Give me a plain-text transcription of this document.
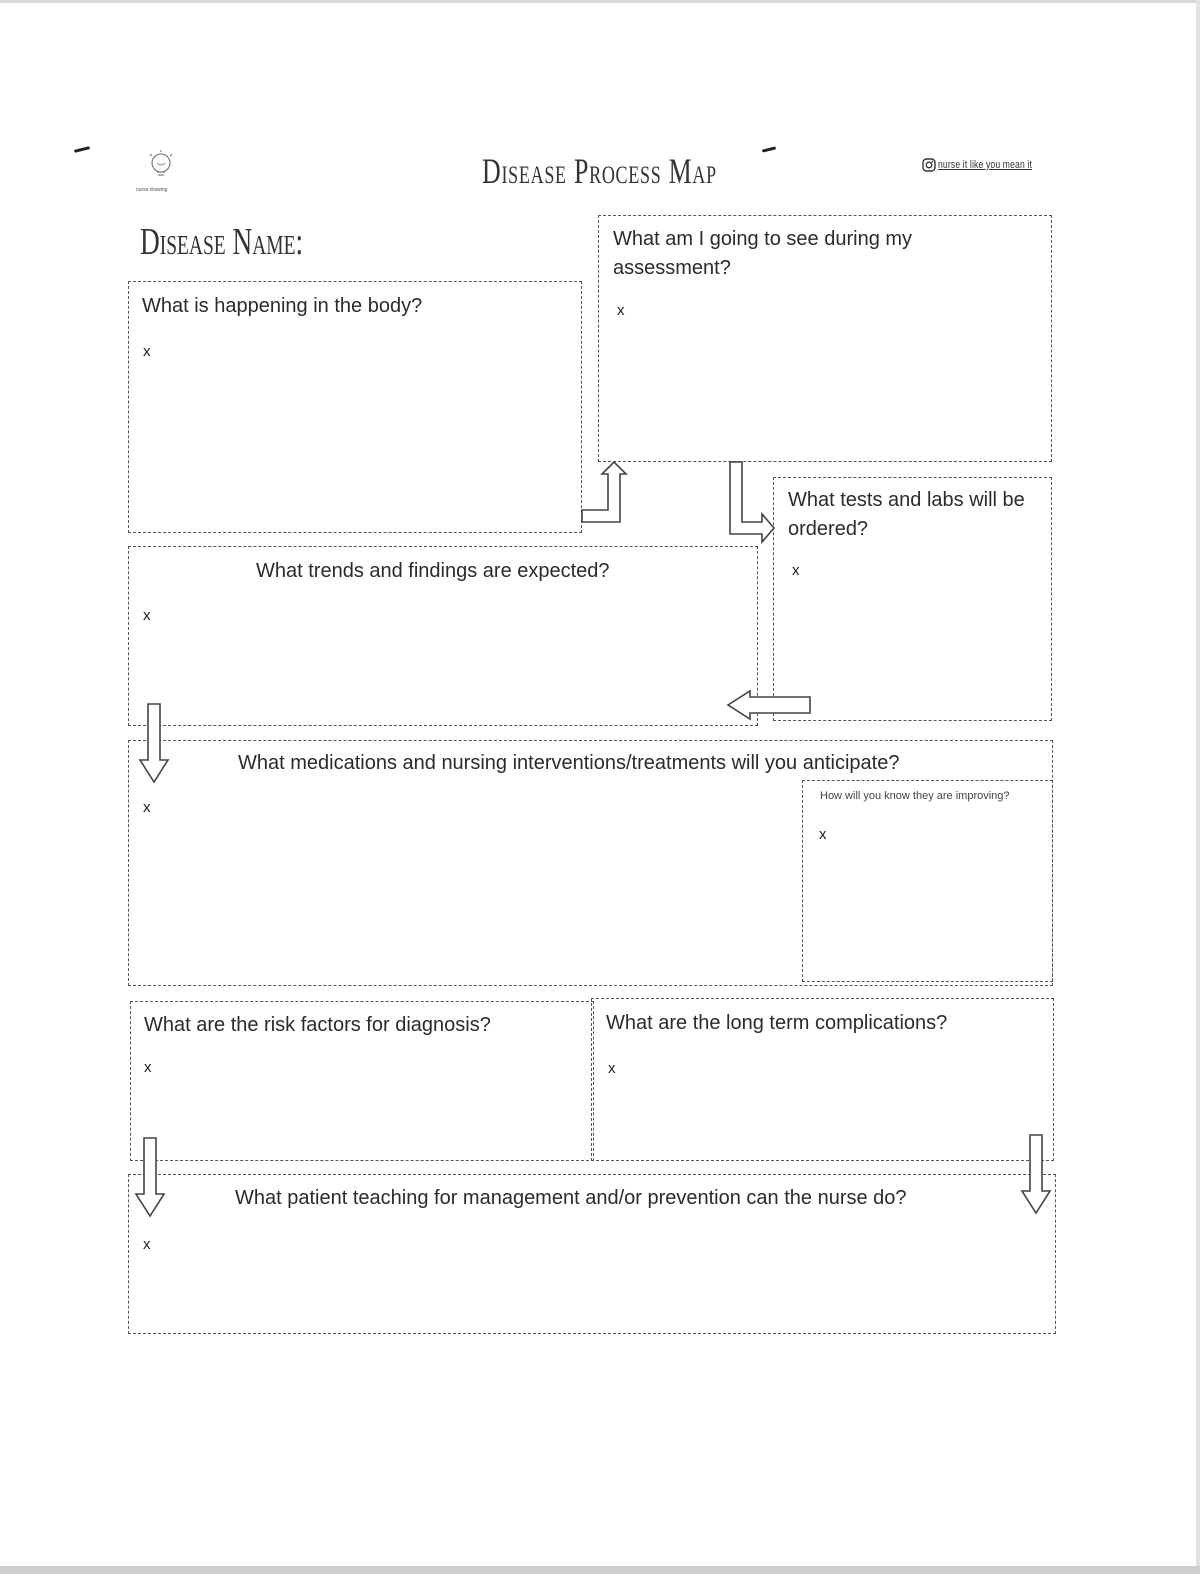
nurse drawing	Disease Process Map	nurse it like you mean it
Disease Name:
What is happening in the body?
x
What am I going to see during my assessment?
x
What tests and labs will be ordered?
x
What trends and findings are expected?
x
What medications and nursing interventions/treatments will you anticipate?
x
How will you know they are improving?
x
What are the risk factors for diagnosis?
x
What are the long term complications?
x
What patient teaching for management and/or prevention can the nurse do?
x
